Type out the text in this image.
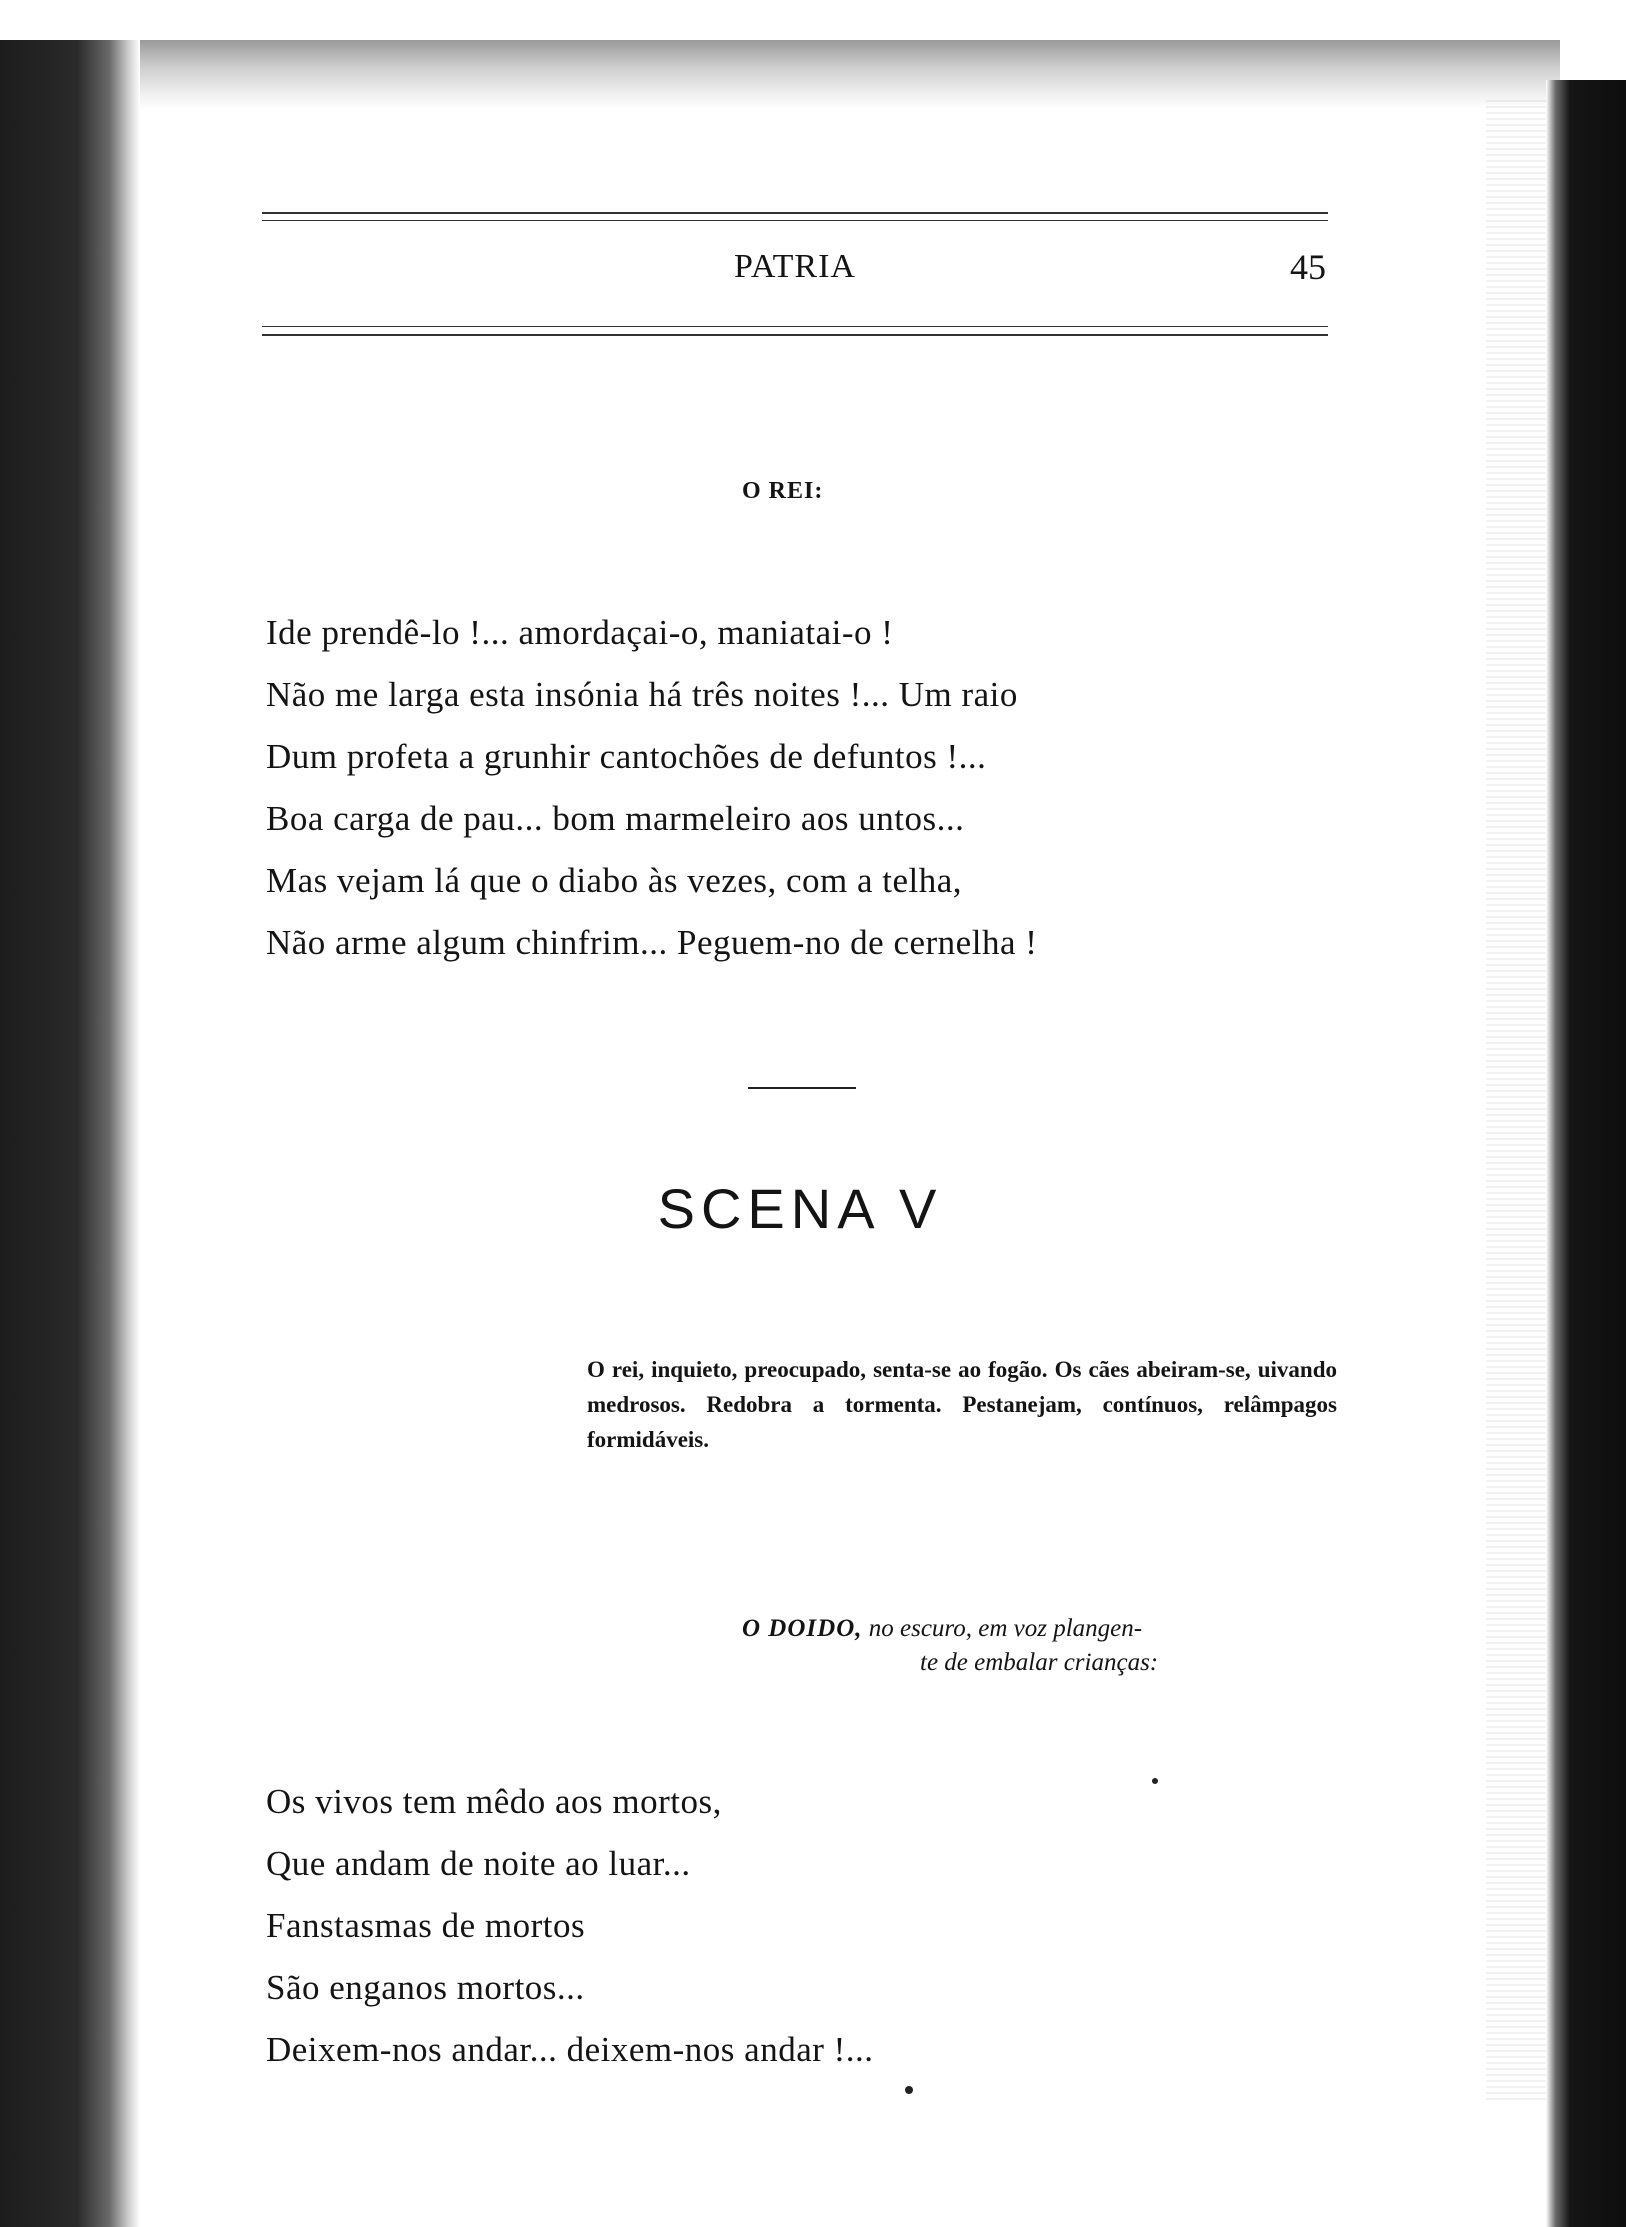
PATRIA	45
O REI:
Ide prendê-lo !... amordaçai-o, maniatai-o !
Não me larga esta insónia há três noites !... Um raio
Dum profeta a grunhir cantochões de defuntos !...
Boa carga de pau... bom marmeleiro aos untos...
Mas vejam lá que o diabo às vezes, com a telha,
Não arme algum chinfrim... Peguem-no de cernelha !
SCENA V
O rei, inquieto, preocupado, senta-se ao fogão. Os cães abeiram-se, uivando medrosos. Redobra a tormenta. Pestanejam, contínuos, relâmpagos formidáveis.
O DOIDO, no escuro, em voz plangen-
te de embalar crianças:
Os vivos tem mêdo aos mortos,
Que andam de noite ao luar...
Fanstasmas de mortos
São enganos mortos...
Deixem-nos andar... deixem-nos andar !...
